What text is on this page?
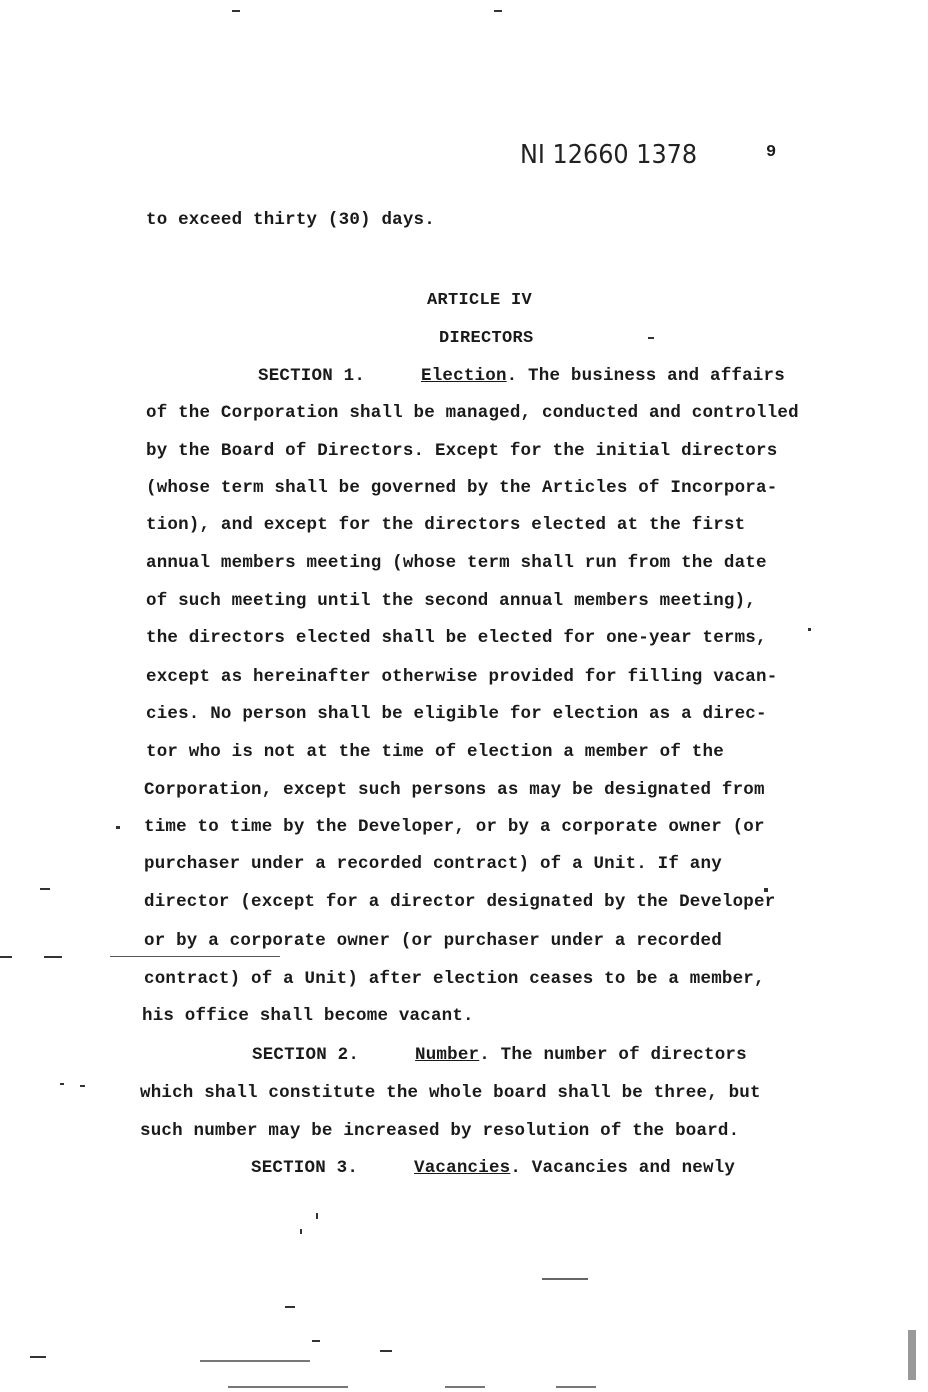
NI 12660 1378	9
to exceed thirty (30) days.
ARTICLE IV
DIRECTORS
SECTION 1.	Election. The business and affairs
of the Corporation shall be managed, conducted and controlled
by the Board of Directors. Except for the initial directors
(whose term shall be governed by the Articles of Incorpora-
tion), and except for the directors elected at the first
annual members meeting (whose term shall run from the date
of such meeting until the second annual members meeting),
the directors elected shall be elected for one-year terms,
except as hereinafter otherwise provided for filling vacan-
cies. No person shall be eligible for election as a direc-
tor who is not at the time of election a member of the
Corporation, except such persons as may be designated from
time to time by the Developer, or by a corporate owner (or
purchaser under a recorded contract) of a Unit. If any
director (except for a director designated by the Developer
or by a corporate owner (or purchaser under a recorded
contract) of a Unit) after election ceases to be a member,
his office shall become vacant.
SECTION 2.	Number. The number of directors
which shall constitute the whole board shall be three, but
such number may be increased by resolution of the board.
SECTION 3.	Vacancies. Vacancies and newly
